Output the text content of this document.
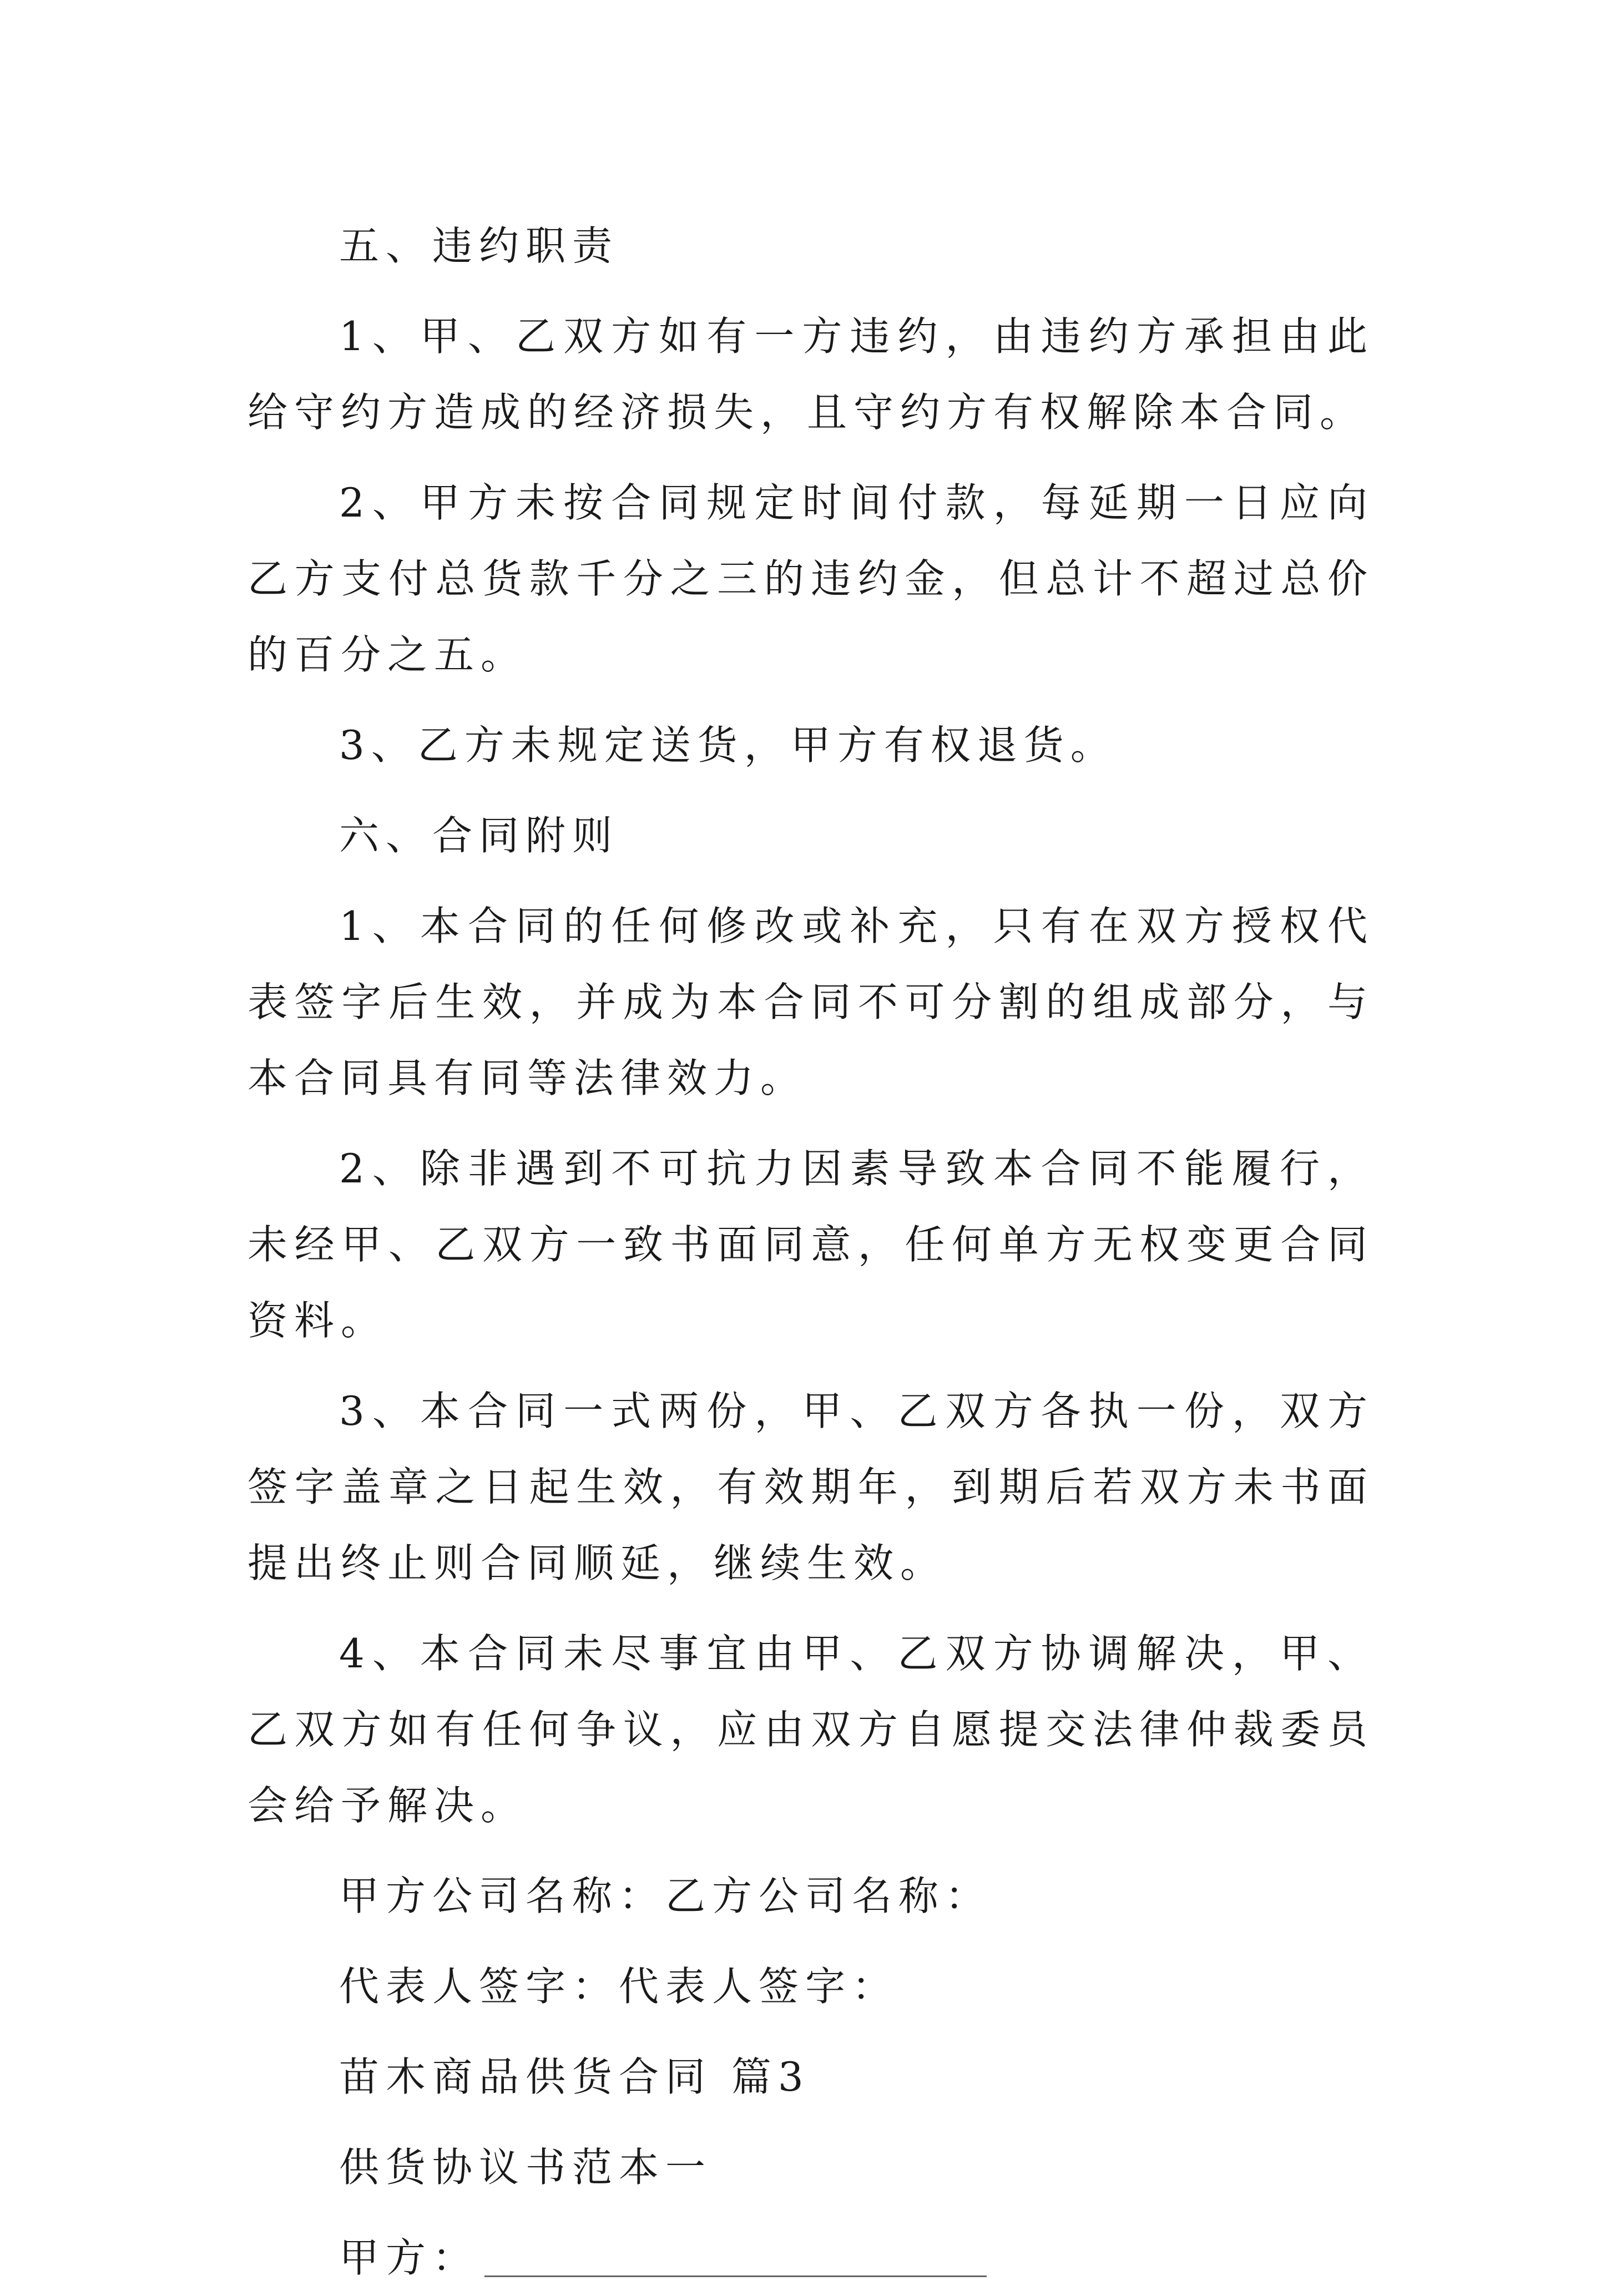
五、违约职责

1、甲、乙双方如有一方违约，由违约方承担由此给守约方造成的经济损失，且守约方有权解除本合同。

2、甲方未按合同规定时间付款，每延期一日应向乙方支付总货款千分之三的违约金，但总计不超过总价的百分之五。

3、乙方未规定送货，甲方有权退货。

六、合同附则

1、本合同的任何修改或补充，只有在双方授权代表签字后生效，并成为本合同不可分割的组成部分，与本合同具有同等法律效力。

2、除非遇到不可抗力因素导致本合同不能履行，未经甲、乙双方一致书面同意，任何单方无权变更合同资料。

3、本合同一式两份，甲、乙双方各执一份，双方签字盖章之日起生效，有效期年，到期后若双方未书面提出终止则合同顺延，继续生效。

4、本合同未尽事宜由甲、乙双方协调解决，甲、乙双方如有任何争议，应由双方自愿提交法律仲裁委员会给予解决。

甲方公司名称：乙方公司名称：

代表人签字：代表人签字：

苗木商品供货合同 篇3

供货协议书范本一

甲方：
